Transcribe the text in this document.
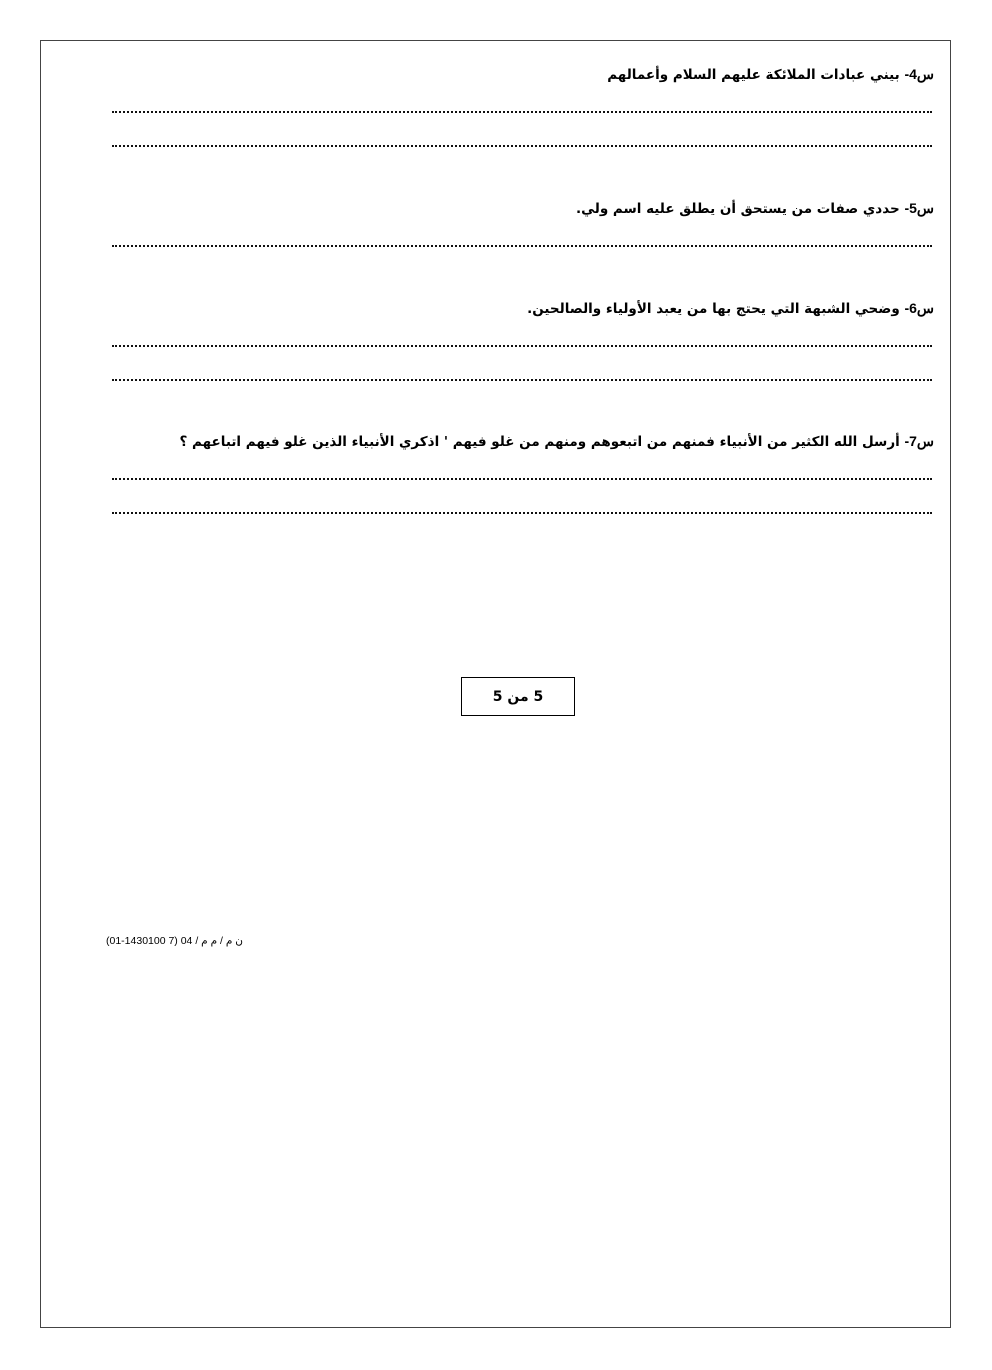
س4- بيني عبادات الملائكة عليهم السلام وأعمالهم
س5- حددي صفات من يستحق أن يطلق عليه اسم ولي.
س6- وضحي الشبهة التي يحتج بها من يعبد الأولياء والصالحين.
س7- أرسل الله الكثير من الأنبياء فمنهم من اتبعوهم ومنهم من غلو فيهم ' اذكري الأنبياء الذين غلو فيهم اتباعهم ؟
5 من 5
(01-1430100 7) 04 / ن م / م م
